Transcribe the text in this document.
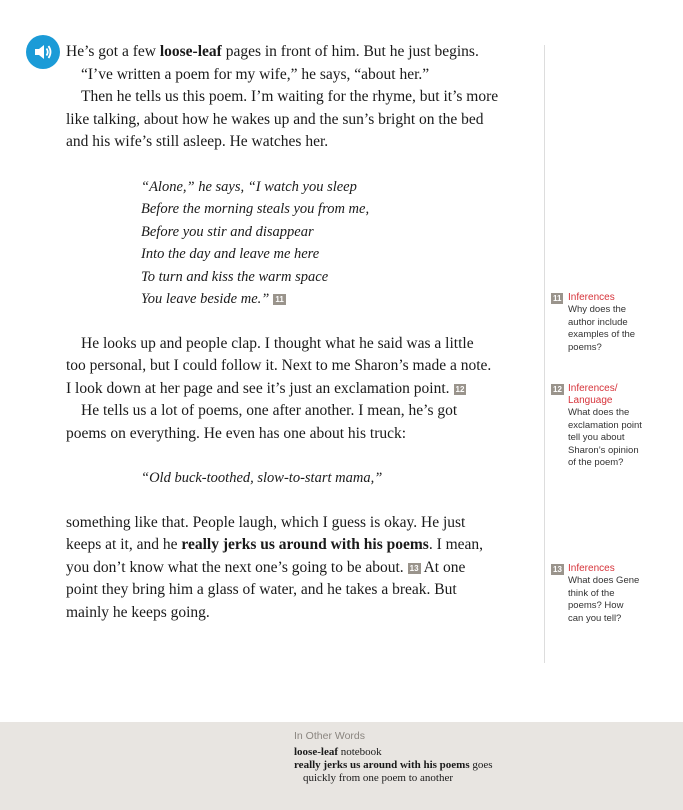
He’s got a few loose-leaf pages in front of him. But he just begins.
“I’ve written a poem for my wife,” he says, “about her.”
Then he tells us this poem. I’m waiting for the rhyme, but it’s more
like talking, about how he wakes up and the sun’s bright on the bed
and his wife’s still asleep. He watches her.
“Alone,” he says, “I watch you sleep
Before the morning steals you from me,
Before you stir and disappear
Into the day and leave me here
To turn and kiss the warm space
You leave beside me.” 11
He looks up and people clap. I thought what he said was a little
too personal, but I could follow it. Next to me Sharon’s made a note.
I look down at her page and see it’s just an exclamation point. 12
He tells us a lot of poems, one after another. I mean, he’s got
poems on everything. He even has one about his truck:
“Old buck-toothed, slow-to-start mama,”
something like that. People laugh, which I guess is okay. He just
keeps at it, and he really jerks us around with his poems. I mean,
you don’t know what the next one’s going to be about. 13 At one
point they bring him a glass of water, and he takes a break. But
mainly he keeps going.
11 Inferences
Why does the
author include
examples of the
poems?
12 Inferences/
Language
What does the
exclamation point
tell you about
Sharon’s opinion
of the poem?
13 Inferences
What does Gene
think of the
poems? How
can you tell?
In Other Words
loose-leaf notebook
really jerks us around with his poems goes
quickly from one poem to another
